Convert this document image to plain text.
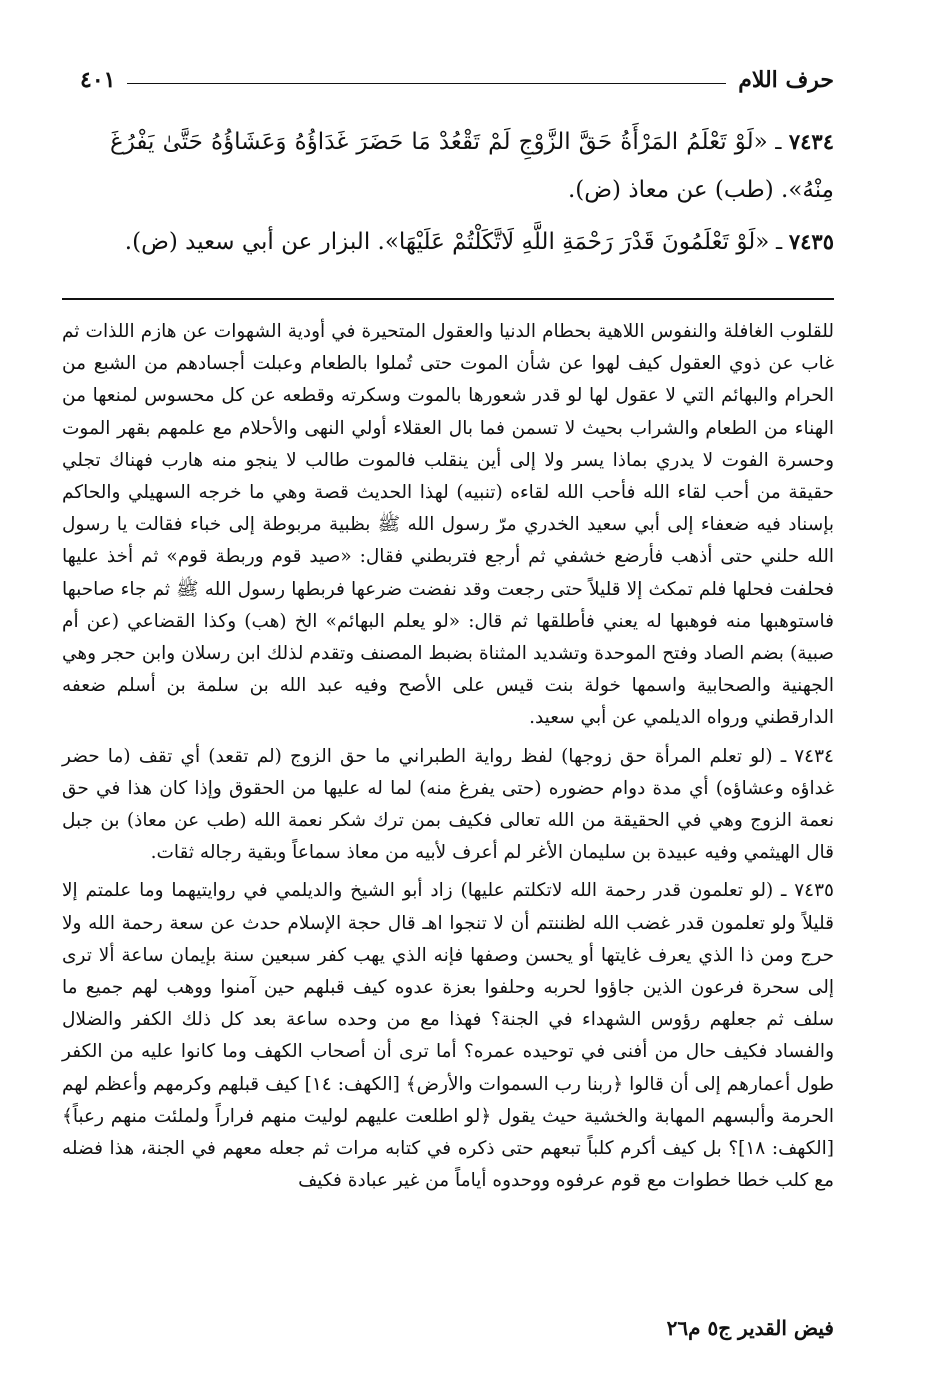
حرف اللام
٤٠١

٧٤٣٤ ـ «لَوْ تَعْلَمُ المَرْأَةُ حَقَّ الزَّوْجِ لَمْ تَقْعُدْ مَا حَضَرَ غَدَاؤُهُ وَعَشَاؤُهُ حَتَّىٰ يَفْرُغَ مِنْهُ». (طب) عن معاذ (ض).

٧٤٣٥ ـ «لَوْ تَعْلَمُونَ قَدْرَ رَحْمَةِ اللَّهِ لَاتَّكَلْتُمْ عَلَيْهَا». البزار عن أبي سعيد (ض).

للقلوب الغافلة والنفوس اللاهية بحطام الدنيا والعقول المتحيرة في أودية الشهوات عن هازم اللذات ثم غاب عن ذوي العقول كيف لهوا عن شأن الموت حتى تُملوا بالطعام وعبلت أجسادهم من الشبع من الحرام والبهائم التي لا عقول لها لو قدر شعورها بالموت وسكرته وقطعه عن كل محسوس لمنعها من الهناء من الطعام والشراب بحيث لا تسمن فما بال العقلاء أولي النهى والأحلام مع علمهم بقهر الموت وحسرة الفوت لا يدري بماذا يسر ولا إلى أين ينقلب فالموت طالب لا ينجو منه هارب فهناك تجلي حقيقة من أحب لقاء الله فأحب الله لقاءه (تنبيه) لهذا الحديث قصة وهي ما خرجه السهيلي والحاكم بإسناد فيه ضعفاء إلى أبي سعيد الخدري مرّ رسول الله ﷺ بظبية مربوطة إلى خباء فقالت يا رسول الله حلني حتى أذهب فأرضع خشفي ثم أرجع فتربطني فقال: «صيد قوم وربطة قوم» ثم أخذ عليها فحلفت فحلها فلم تمكث إلا قليلاً حتى رجعت وقد نفضت ضرعها فربطها رسول الله ﷺ ثم جاء صاحبها فاستوهبها منه فوهبها له يعني فأطلقها ثم قال: «لو يعلم البهائم» الخ (هب) وكذا القضاعي (عن أم صبية) بضم الصاد وفتح الموحدة وتشديد المثناة بضبط المصنف وتقدم لذلك ابن رسلان وابن حجر وهي الجهنية والصحابية واسمها خولة بنت قيس على الأصح وفيه عبد الله بن سلمة بن أسلم ضعفه الدارقطني ورواه الديلمي عن أبي سعيد.

٧٤٣٤ ـ (لو تعلم المرأة حق زوجها) لفظ رواية الطبراني ما حق الزوج (لم تقعد) أي تقف (ما حضر غداؤه وعشاؤه) أي مدة دوام حضوره (حتى يفرغ منه) لما له عليها من الحقوق وإذا كان هذا في حق نعمة الزوج وهي في الحقيقة من الله تعالى فكيف بمن ترك شكر نعمة الله (طب عن معاذ) بن جبل قال الهيثمي وفيه عبيدة بن سليمان الأغر لم أعرف لأبيه من معاذ سماعاً وبقية رجاله ثقات.

٧٤٣٥ ـ (لو تعلمون قدر رحمة الله لاتكلتم عليها) زاد أبو الشيخ والديلمي في روايتيهما وما علمتم إلا قليلاً ولو تعلمون قدر غضب الله لظننتم أن لا تنجوا اهـ قال حجة الإسلام حدث عن سعة رحمة الله ولا حرج ومن ذا الذي يعرف غايتها أو يحسن وصفها فإنه الذي يهب كفر سبعين سنة بإيمان ساعة ألا ترى إلى سحرة فرعون الذين جاؤوا لحربه وحلفوا بعزة عدوه كيف قبلهم حين آمنوا ووهب لهم جميع ما سلف ثم جعلهم رؤوس الشهداء في الجنة؟ فهذا مع من وحده ساعة بعد كل ذلك الكفر والضلال والفساد فكيف حال من أفنى في توحيده عمره؟ أما ترى أن أصحاب الكهف وما كانوا عليه من الكفر طول أعمارهم إلى أن قالوا ﴿ربنا رب السموات والأرض﴾ [الكهف: ١٤] كيف قبلهم وكرمهم وأعظم لهم الحرمة وألبسهم المهابة والخشية حيث يقول ﴿لو اطلعت عليهم لوليت منهم فراراً ولملئت منهم رعباً﴾ [الكهف: ١٨]؟ بل كيف أكرم كلباً تبعهم حتى ذكره في كتابه مرات ثم جعله معهم في الجنة، هذا فضله مع كلب خطا خطوات مع قوم عرفوه ووحدوه أياماً من غير عبادة فكيف

فيض القدير ج٥ م٢٦
